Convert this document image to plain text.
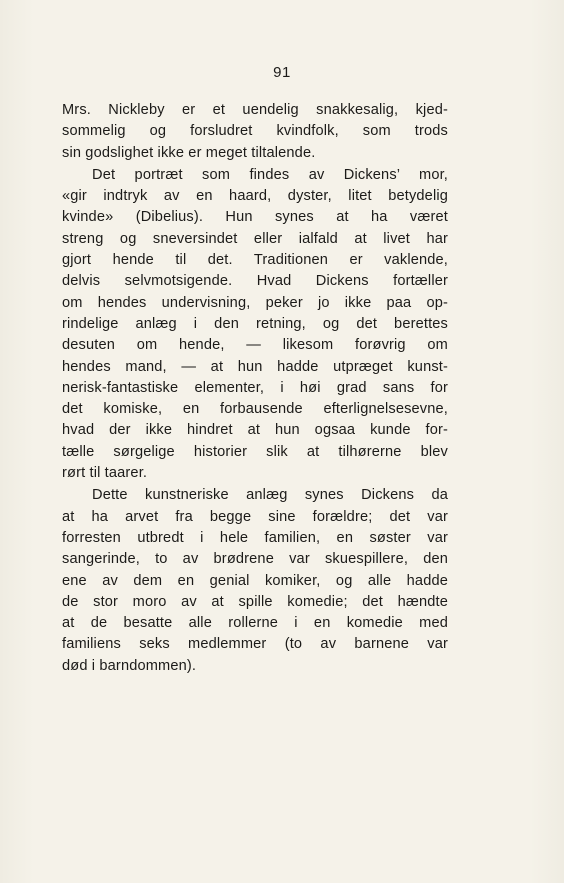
91
Mrs. Nickleby er et uendelig snakkesalig, kjed-
sommelig og forsludret kvindfolk, som trods
sin godslighet ikke er meget tiltalende.
Det portræt som findes av Dickens’ mor,
«gir indtryk av en haard, dyster, litet betydelig
kvinde» (Dibelius). Hun synes at ha været
streng og sneversindet eller ialfald at livet har
gjort hende til det. Traditionen er vaklende,
delvis selvmotsigende. Hvad Dickens fortæller
om hendes undervisning, peker jo ikke paa op-
rindelige anlæg i den retning, og det berettes
desuten om hende, — likesom forøvrig om
hendes mand, — at hun hadde utpræget kunst-
nerisk-fantastiske elementer, i høi grad sans for
det komiske, en forbausende efterlignelsesevne,
hvad der ikke hindret at hun ogsaa kunde for-
tælle sørgelige historier slik at tilhørerne blev
rørt til taarer.
Dette kunstneriske anlæg synes Dickens da
at ha arvet fra begge sine forældre; det var
forresten utbredt i hele familien, en søster var
sangerinde, to av brødrene var skuespillere, den
ene av dem en genial komiker, og alle hadde
de stor moro av at spille komedie; det hændte
at de besatte alle rollerne i en komedie med
familiens seks medlemmer (to av barnene var
død i barndommen).
